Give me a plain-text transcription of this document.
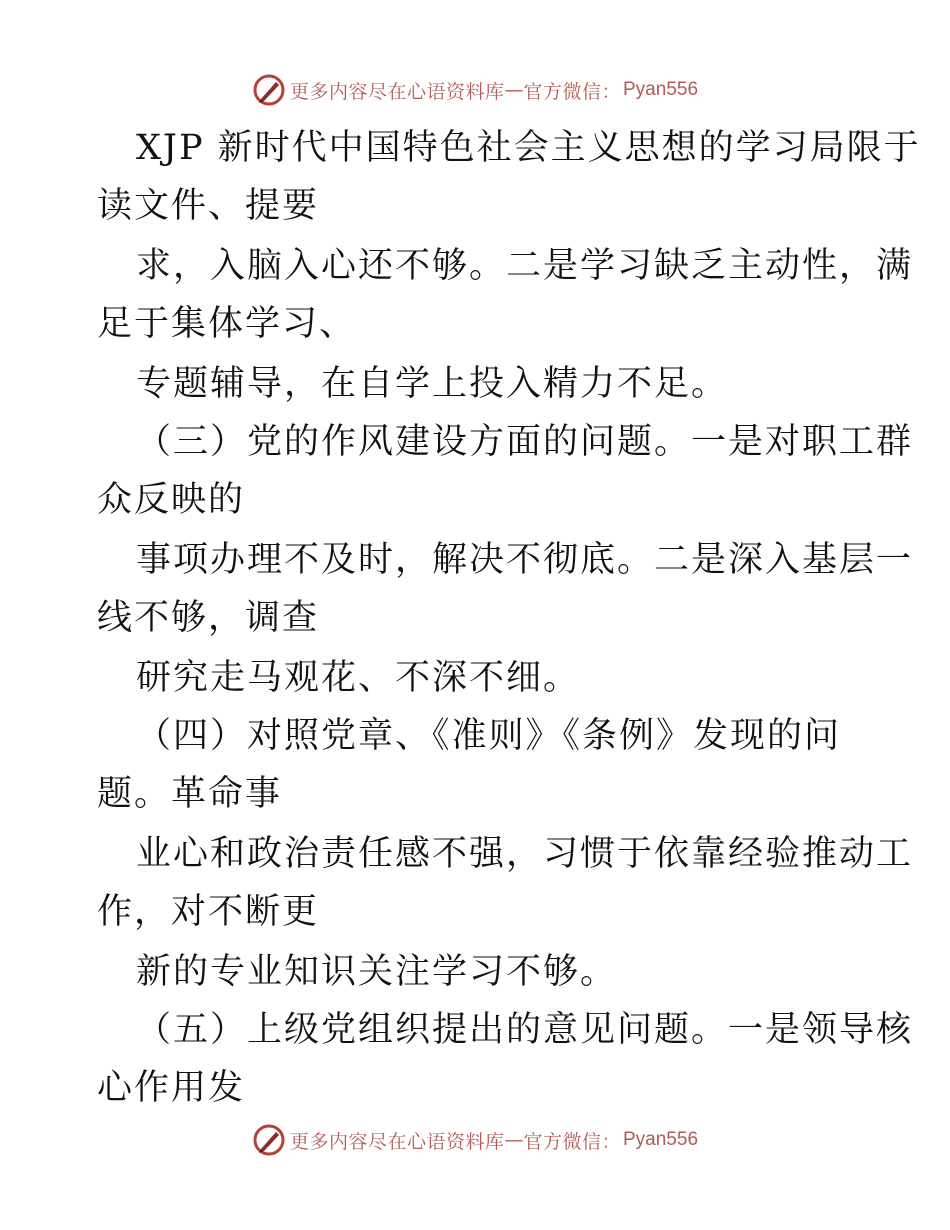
更多内容尽在心语资料库 — 官方微信： Pyan556
XJP 新时代中国特色社会主义思想的学习局限于
读文件、提要
求，入脑入心还不够。二是学习缺乏主动性，满
足于集体学习、
专题辅导，在自学上投入精力不足。
（三）党的作风建设方面的问题。一是对职工群
众反映的
事项办理不及时，解决不彻底。二是深入基层一
线不够，调查
研究走马观花、不深不细。
（四）对照党章、《准则》《条例》发现的问
题。革命事
业心和政治责任感不强，习惯于依靠经验推动工
作，对不断更
新的专业知识关注学习不够。
（五）上级党组织提出的意见问题。一是领导核
心作用发
更多内容尽在心语资料库 — 官方微信： Pyan556
